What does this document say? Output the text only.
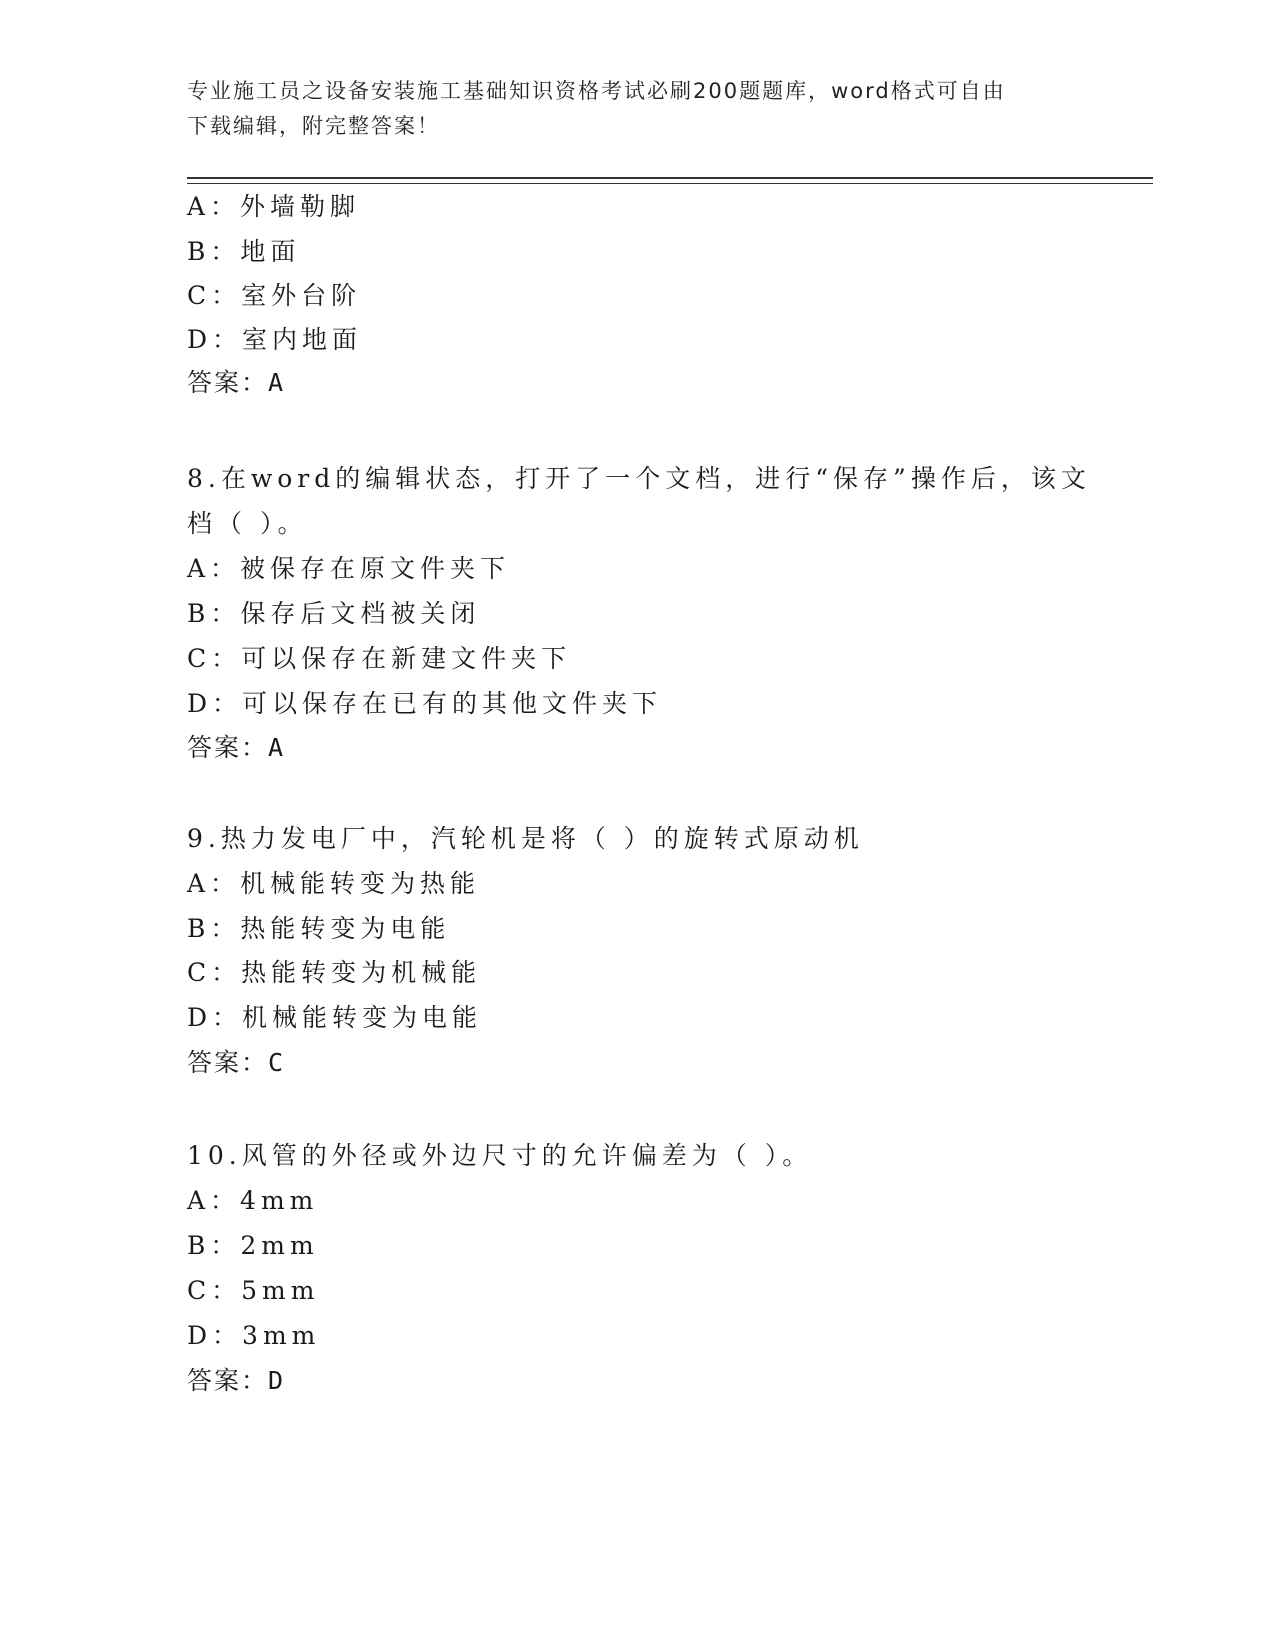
专业施工员之设备安装施工基础知识资格考试必刷200题题库，word格式可自由
下载编辑，附完整答案！
A：外墙勒脚
B：地面
C：室外台阶
D：室内地面
答案：A
8.在word的编辑状态，打开了一个文档，进行“保存”操作后，该文
档（ ）。
A：被保存在原文件夹下
B：保存后文档被关闭
C：可以保存在新建文件夹下
D：可以保存在已有的其他文件夹下
答案：A
9.热力发电厂中，汽轮机是将（ ）的旋转式原动机
A：机械能转变为热能
B：热能转变为电能
C：热能转变为机械能
D：机械能转变为电能
答案：C
10.风管的外径或外边尺寸的允许偏差为（ ）。
A：4mm
B：2mm
C：5mm
D：3mm
答案：D
